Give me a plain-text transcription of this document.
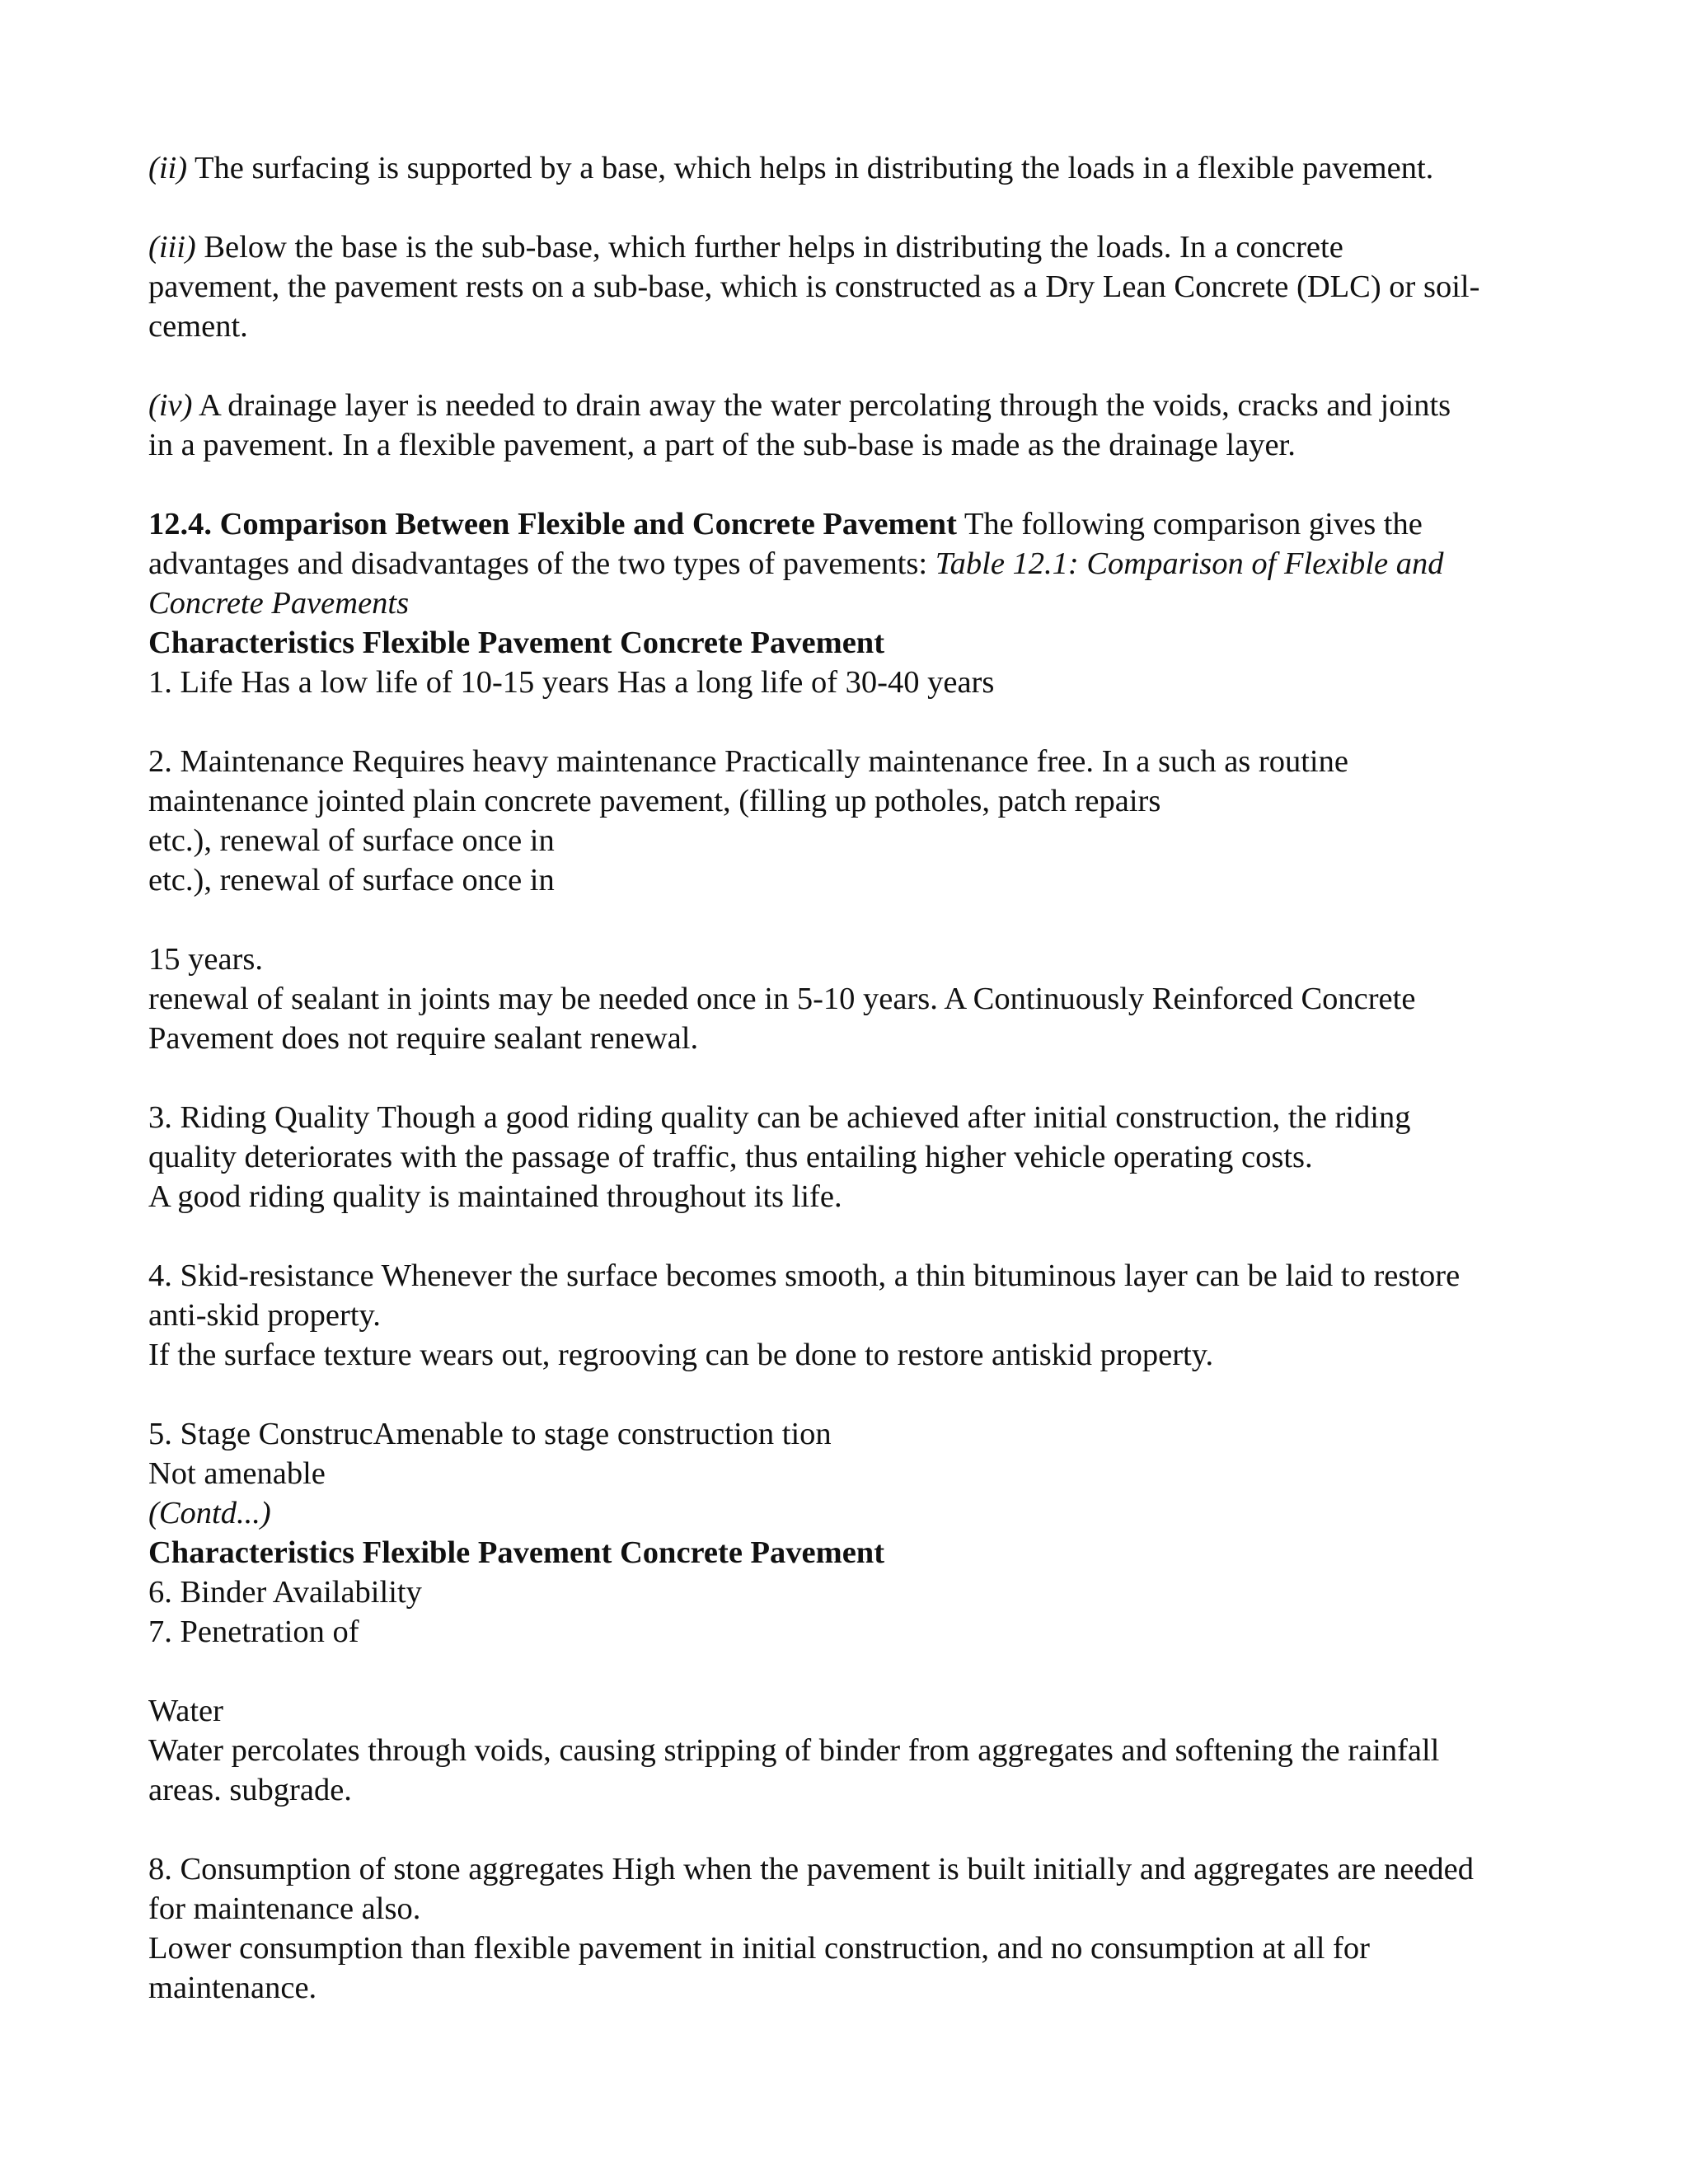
(ii) The surfacing is supported by a base, which helps in distributing the loads in a flexible pavement.
(iii) Below the base is the sub-base, which further helps in distributing the loads. In a concrete
pavement, the pavement rests on a sub-base, which is constructed as a Dry Lean Concrete (DLC) or soil-
cement.
(iv) A drainage layer is needed to drain away the water percolating through the voids, cracks and joints
in a pavement. In a flexible pavement, a part of the sub-base is made as the drainage layer.
12.4. Comparison Between Flexible and Concrete Pavement The following comparison gives the
advantages and disadvantages of the two types of pavements: Table 12.1: Comparison of Flexible and
Concrete Pavements
Characteristics Flexible Pavement Concrete Pavement
1. Life Has a low life of 10-15 years Has a long life of 30-40 years
2. Maintenance Requires heavy maintenance Practically maintenance free. In a such as routine
maintenance jointed plain concrete pavement, (filling up potholes, patch repairs
etc.), renewal of surface once in
etc.), renewal of surface once in
15 years.
renewal of sealant in joints may be needed once in 5-10 years. A Continuously Reinforced Concrete
Pavement does not require sealant renewal.
3. Riding Quality Though a good riding quality can be achieved after initial construction, the riding
quality deteriorates with the passage of traffic, thus entailing higher vehicle operating costs.
A good riding quality is maintained throughout its life.
4. Skid-resistance Whenever the surface becomes smooth, a thin bituminous layer can be laid to restore
anti-skid property.
If the surface texture wears out, regrooving can be done to restore antiskid property.
5. Stage ConstrucAmenable to stage construction tion
Not amenable
(Contd...)
Characteristics Flexible Pavement Concrete Pavement
6. Binder Availability
7. Penetration of
Water
Water percolates through voids, causing stripping of binder from aggregates and softening the rainfall
areas. subgrade.
8. Consumption of stone aggregates High when the pavement is built initially and aggregates are needed
for maintenance also.
Lower consumption than flexible pavement in initial construction, and no consumption at all for
maintenance.
